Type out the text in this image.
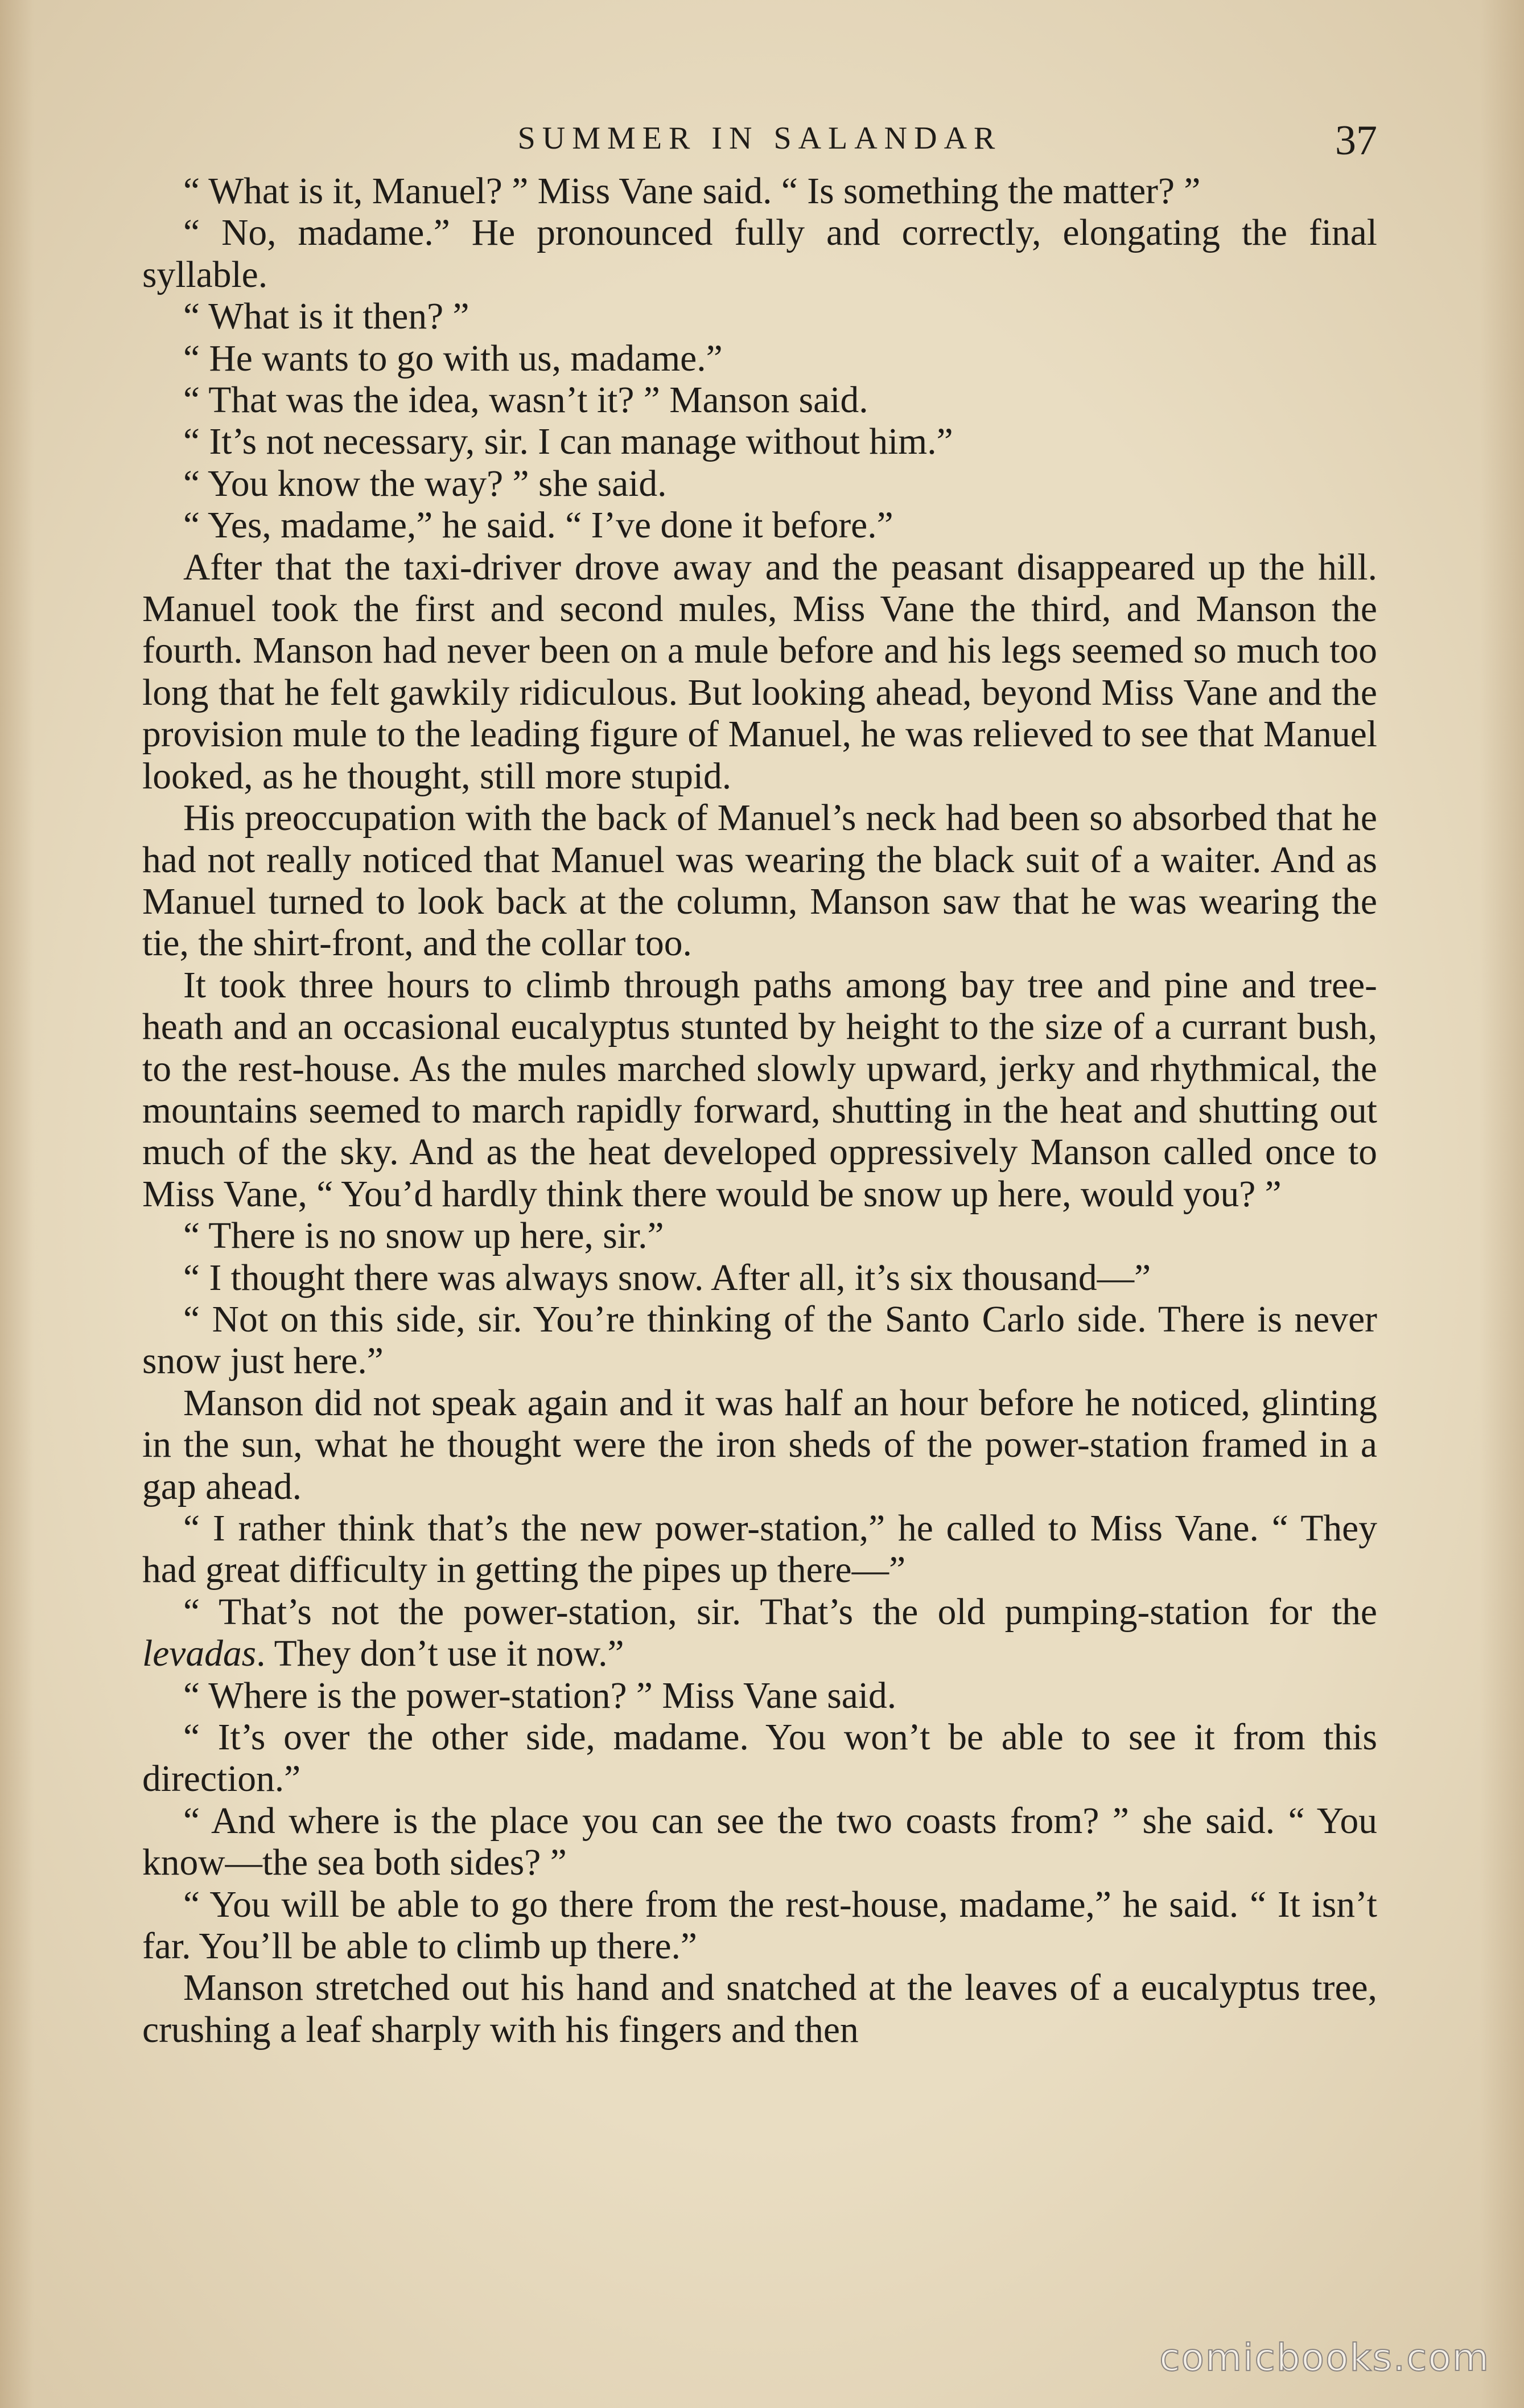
SUMMER IN SALANDAR	37

“ What is it, Manuel? ” Miss Vane said. “ Is something the matter? ”

“ No, madame.” He pronounced fully and correctly, elongating the final syllable.

“ What is it then? ”

“ He wants to go with us, madame.”

“ That was the idea, wasn’t it? ” Manson said.

“ It’s not necessary, sir. I can manage without him.”

“ You know the way? ” she said.

“ Yes, madame,” he said. “ I’ve done it before.”

After that the taxi-driver drove away and the peasant disappeared up the hill. Manuel took the first and second mules, Miss Vane the third, and Manson the fourth. Manson had never been on a mule before and his legs seemed so much too long that he felt gawkily ridiculous. But looking ahead, beyond Miss Vane and the provision mule to the leading figure of Manuel, he was relieved to see that Manuel looked, as he thought, still more stupid.

His preoccupation with the back of Manuel’s neck had been so absorbed that he had not really noticed that Manuel was wearing the black suit of a waiter. And as Manuel turned to look back at the column, Manson saw that he was wearing the tie, the shirt-front, and the collar too.

It took three hours to climb through paths among bay tree and pine and tree-heath and an occasional eucalyptus stunted by height to the size of a currant bush, to the rest-house. As the mules marched slowly upward, jerky and rhythmical, the mountains seemed to march rapidly forward, shutting in the heat and shutting out much of the sky. And as the heat developed oppressively Manson called once to Miss Vane, “ You’d hardly think there would be snow up here, would you? ”

“ There is no snow up here, sir.”

“ I thought there was always snow. After all, it’s six thousand—”

“ Not on this side, sir. You’re thinking of the Santo Carlo side. There is never snow just here.”

Manson did not speak again and it was half an hour before he noticed, glinting in the sun, what he thought were the iron sheds of the power-station framed in a gap ahead.

“ I rather think that’s the new power-station,” he called to Miss Vane. “ They had great difficulty in getting the pipes up there—”

“ That’s not the power-station, sir. That’s the old pumping-station for the levadas. They don’t use it now.”

“ Where is the power-station? ” Miss Vane said.

“ It’s over the other side, madame. You won’t be able to see it from this direction.”

“ And where is the place you can see the two coasts from? ” she said. “ You know—the sea both sides? ”

“ You will be able to go there from the rest-house, madame,” he said. “ It isn’t far. You’ll be able to climb up there.”

Manson stretched out his hand and snatched at the leaves of a eucalyptus tree, crushing a leaf sharply with his fingers and then

comicbooks.com
